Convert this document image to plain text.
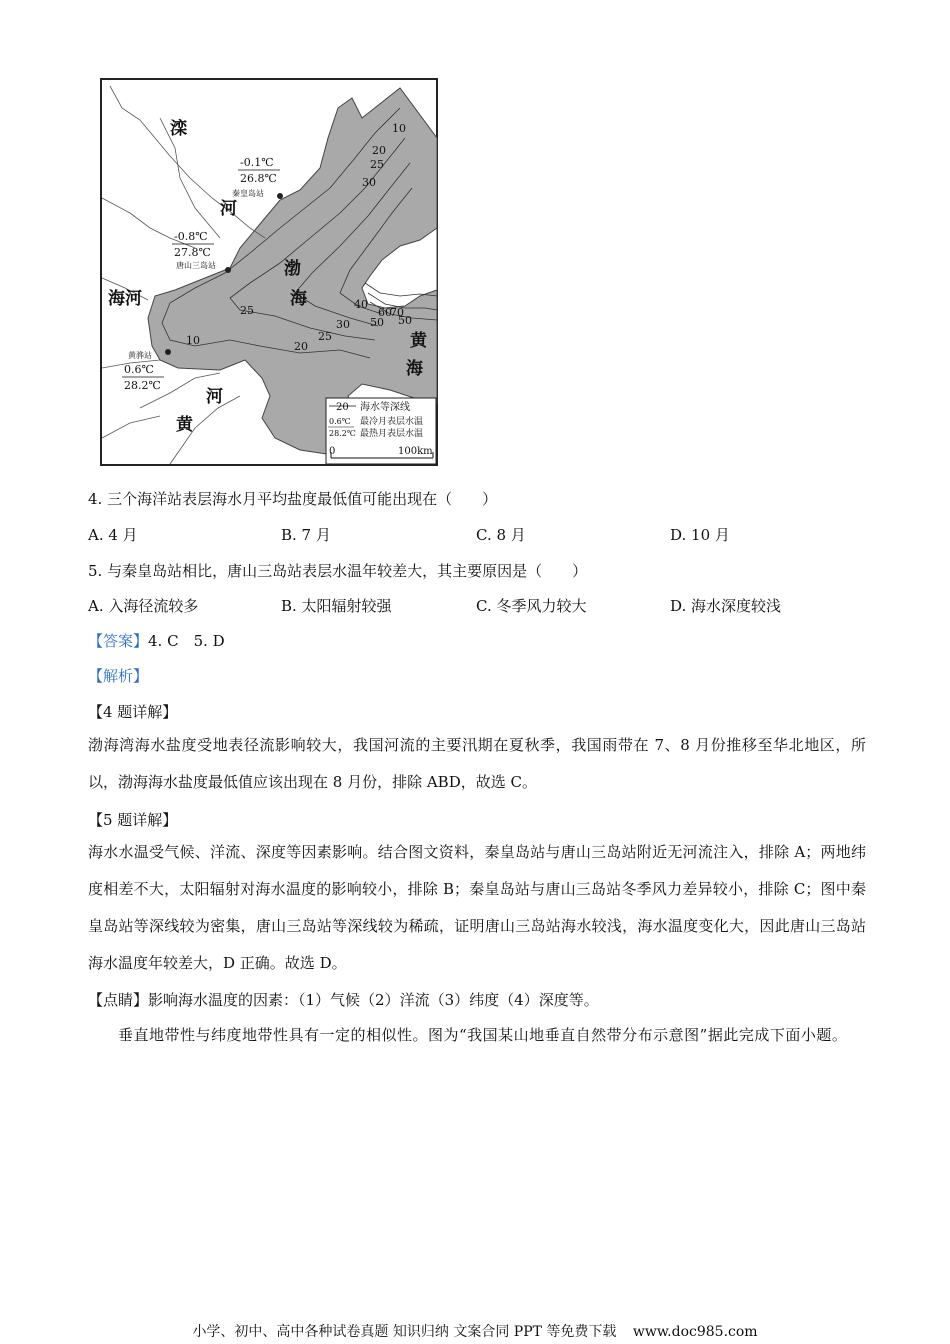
滦
河
海河
渤
海
黄
海
河
黄
-0.1℃
26.8℃
秦皇岛站
-0.8℃
27.8℃
唐山三岛站
黄骅站
0.6℃
28.2℃
10
20
25
30
25
10	20
25
30
40
50
60
70
50
20 海水等深线
0.6℃
28.2℃
最冷月表层水温
最热月表层水温
0	100km
4. 三个海洋站表层海水月平均盐度最低值可能出现在（　　）
A. 4 月	B. 7 月	C. 8 月	D. 10 月
5. 与秦皇岛站相比，唐山三岛站表层水温年较差大，其主要原因是（　　）
A. 入海径流较多	B. 太阳辐射较强	C. 冬季风力较大	D. 海水深度较浅
【答案】4. C　5. D
【解析】
【4 题详解】
渤海湾海水盐度受地表径流影响较大，我国河流的主要汛期在夏秋季，我国雨带在 7、8 月份推移至华北地区，所以，渤海海水盐度最低值应该出现在 8 月份，排除 ABD，故选 C。
【5 题详解】
海水水温受气候、洋流、深度等因素影响。结合图文资料，秦皇岛站与唐山三岛站附近无河流注入，排除 A；两地纬度相差不大，太阳辐射对海水温度的影响较小，排除 B；秦皇岛站与唐山三岛站冬季风力差异较小，排除 C；图中秦皇岛站等深线较为密集，唐山三岛站等深线较为稀疏，证明唐山三岛站海水较浅，海水温度变化大，因此唐山三岛站海水温度年较差大，D 正确。故选 D。
【点睛】影响海水温度的因素：（1）气候（2）洋流（3）纬度（4）深度等。
垂直地带性与纬度地带性具有一定的相似性。图为“我国某山地垂直自然带分布示意图”据此完成下面小题。
小学、初中、高中各种试卷真题 知识归纳 文案合同 PPT 等免费下载 www.doc985.com
